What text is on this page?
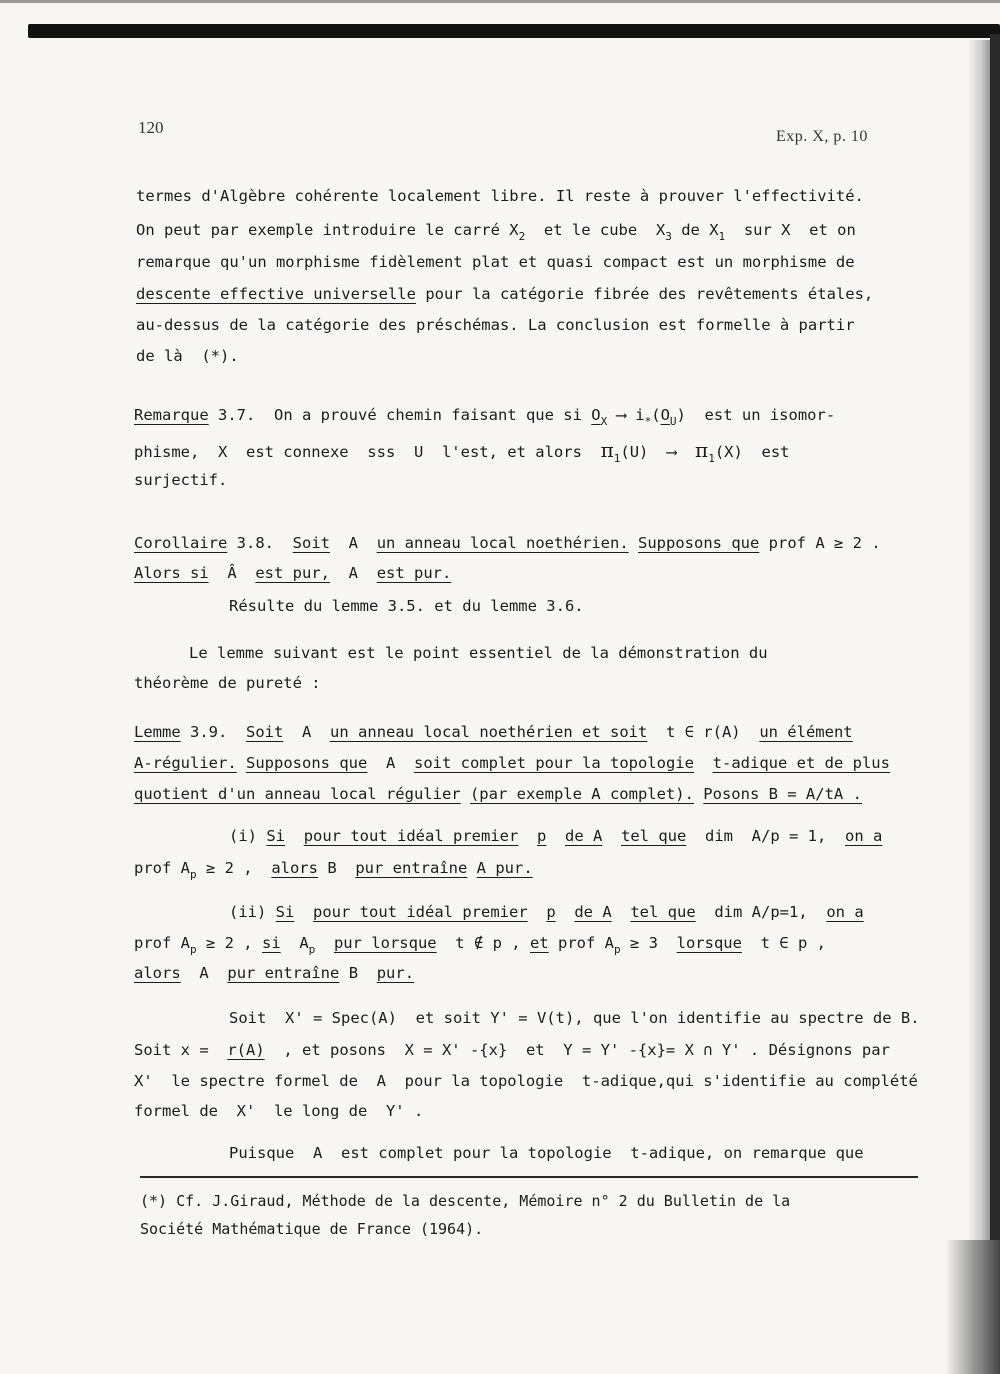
120	Exp. X, p. 10
termes d'Algèbre cohérente localement libre. Il reste à prouver l'effectivité.
On peut par exemple introduire le carré $X_2$ et le cube  $X_3$ de $X_1$ sur X  et on
remarque qu'un morphisme fidèlement plat et quasi compact est un morphisme de
descente effective universelle pour la catégorie fibrée des revêtements étales,
au-dessus de la catégorie des préschémas. La conclusion est formelle à partir
de là  (*).
Remarque 3.7. On a prouvé chemin faisant que si $O_X$ ⟶ $i_*(O_U)$  est un isomor-
phisme,  X  est connexe  sss  U  l'est, et alors $\pi_1(U)$  ⟶  $\pi_1(X)$  est
surjectif.
Corollaire 3.8. Soit A un anneau local noethérien. Supposons que prof A ≥ 2 .
Alors si Â est pur, A est pur.
Résulte du lemme 3.5. et du lemme 3.6.
Le lemme suivant est le point essentiel de la démonstration du
théorème de pureté :
Lemme 3.9. Soit A un anneau local noethérien et soit t ∈ r(A) un élément
A-régulier. Supposons que A soit complet pour la topologie t-adique et de plus
quotient d'un anneau local régulier (par exemple A complet). Posons B = A/tA .
(i) Si pour tout idéal premier p de A tel que dim  A/p = 1, on a
prof $A_p \ge 2$ , alors B pur entraîne A pur.
(ii) Si pour tout idéal premier p de A tel que dim A/p=1, on a
prof $A_p \ge 2$ , si $A_p$ pur lorsque t ∉ p , et prof $A_p \ge 3$ lorsque t ∈ p ,
alors A pur entraîne B pur.
Soit  X' = Spec(A)  et soit Y' = V(t), que l'on identifie au spectre de B.
Soit x = r(A) , et posons  X = X' -{x}  et  Y = Y' -{x}= X ∩ Y' . Désignons par
X'  le spectre formel de  A  pour la topologie  t-adique,qui s'identifie au complété
formel de  X'  le long de  Y' .
Puisque  A  est complet pour la topologie  t-adique, on remarque que
(*) Cf. J.Giraud, Méthode de la descente, Mémoire n° 2 du Bulletin de la
Société Mathématique de France (1964).
